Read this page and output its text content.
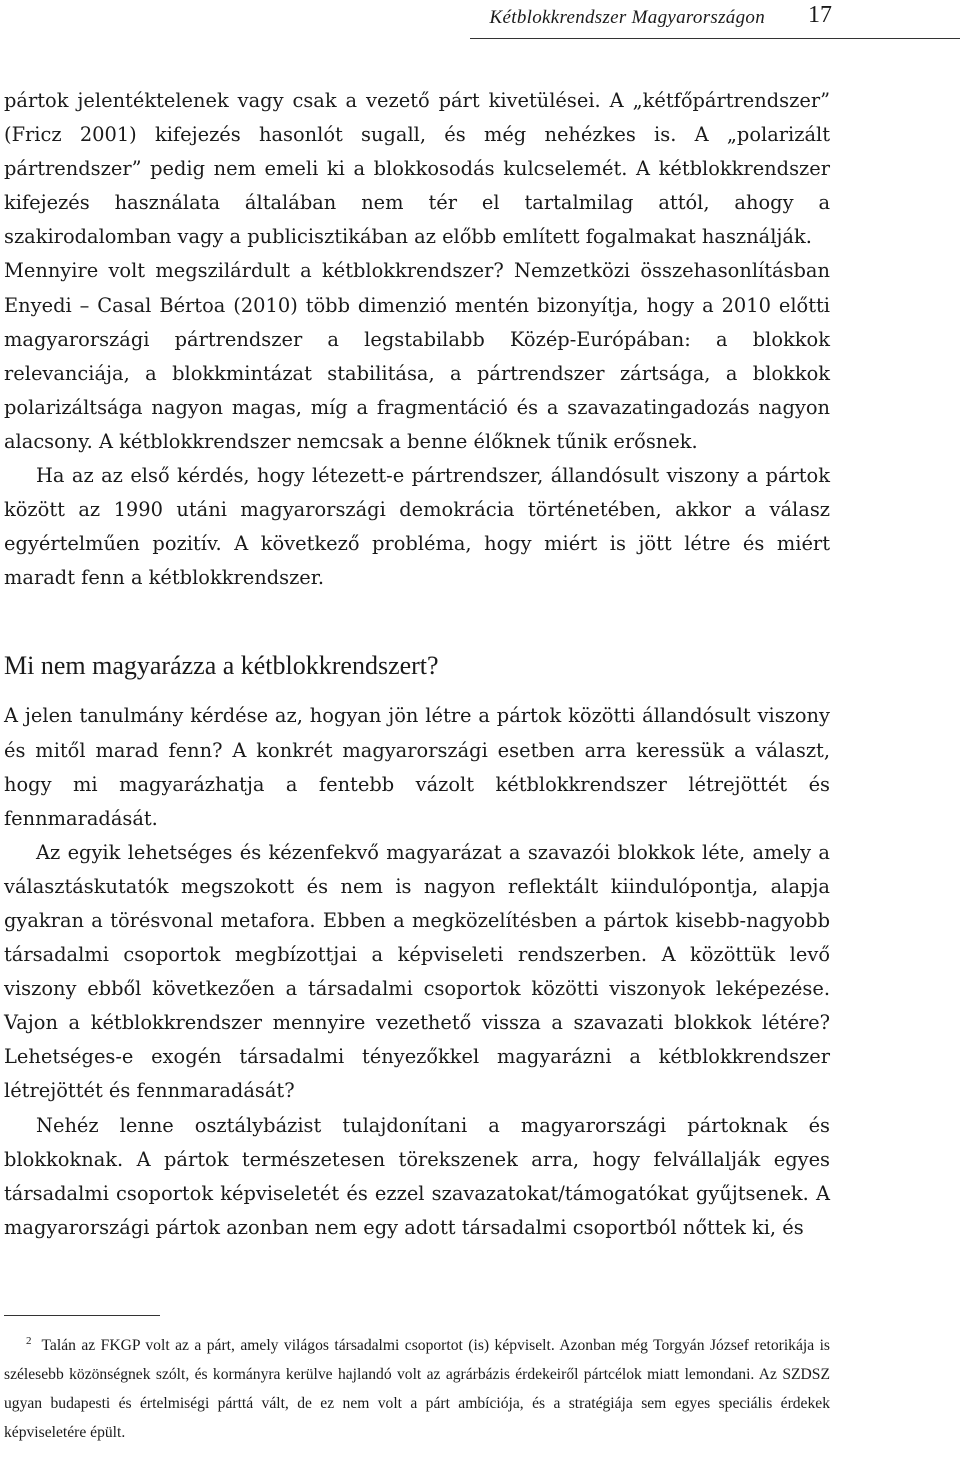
Kétblokkrendszer Magyarországon 17

pártok jelentéktelenek vagy csak a vezető párt kivetülései. A „kétfőpártrendszer” (Fricz 2001) kifejezés hasonlót sugall, és még nehézkes is. A „polarizált pártrendszer” pedig nem emeli ki a blokkosodás kulcselemét. A kétblokkrendszer kifejezés használata általában nem tér el tartalmilag attól, ahogy a szakirodalomban vagy a publicisztikában az előbb említett fogalmakat használják.

Mennyire volt megszilárdult a kétblokkrendszer? Nemzetközi összehasonlításban Enyedi – Casal Bértoa (2010) több dimenzió mentén bizonyítja, hogy a 2010 előtti magyarországi pártrendszer a legstabilabb Közép-Európában: a blokkok relevanciája, a blokkmintázat stabilitása, a pártrendszer zártsága, a blokkok polarizáltsága nagyon magas, míg a fragmentáció és a szavazatingadozás nagyon alacsony. A kétblokkrendszer nemcsak a benne élőknek tűnik erősnek.

Ha az az első kérdés, hogy létezett-e pártrendszer, állandósult viszony a pártok között az 1990 utáni magyarországi demokrácia történetében, akkor a válasz egyértelműen pozitív. A következő probléma, hogy miért is jött létre és miért maradt fenn a kétblokkrendszer.

Mi nem magyarázza a kétblokkrendszert?

A jelen tanulmány kérdése az, hogyan jön létre a pártok közötti állandósult viszony és mitől marad fenn? A konkrét magyarországi esetben arra keressük a választ, hogy mi magyarázhatja a fentebb vázolt kétblokkrendszer létrejöttét és fennmaradását.

Az egyik lehetséges és kézenfekvő magyarázat a szavazói blokkok léte, amely a választáskutatók megszokott és nem is nagyon reflektált kiindulópontja, alapja gyakran a törésvonal metafora. Ebben a megközelítésben a pártok kisebb-nagyobb társadalmi csoportok megbízottjai a képviseleti rendszerben. A közöttük levő viszony ebből következően a társadalmi csoportok közötti viszonyok leképezése. Vajon a kétblokkrendszer mennyire vezethető vissza a szavazati blokkok létére? Lehetséges-e exogén társadalmi tényezőkkel magyarázni a kétblokkrendszer létrejöttét és fennmaradását?

Nehéz lenne osztálybázist tulajdonítani a magyarországi pártoknak és blokkoknak. A pártok természetesen törekszenek arra, hogy felvállalják egyes társadalmi csoportok képviseletét és ezzel szavazatokat/támogatókat gyűjtsenek. A magyarországi pártok azonban nem egy adott társadalmi csoportból nőttek ki, és

$^2$ Talán az FKGP volt az a párt, amely világos társadalmi csoportot (is) képviselt. Azonban még Torgyán József retorikája is szélesebb közönségnek szólt, és kormányra kerülve hajlandó volt az agrárbázis érdekeiről pártcélok miatt lemondani. Az SZDSZ ugyan budapesti és értelmiségi párttá vált, de ez nem volt a párt ambíciója, és a stratégiája sem egyes speciális érdekek képviseletére épült.
